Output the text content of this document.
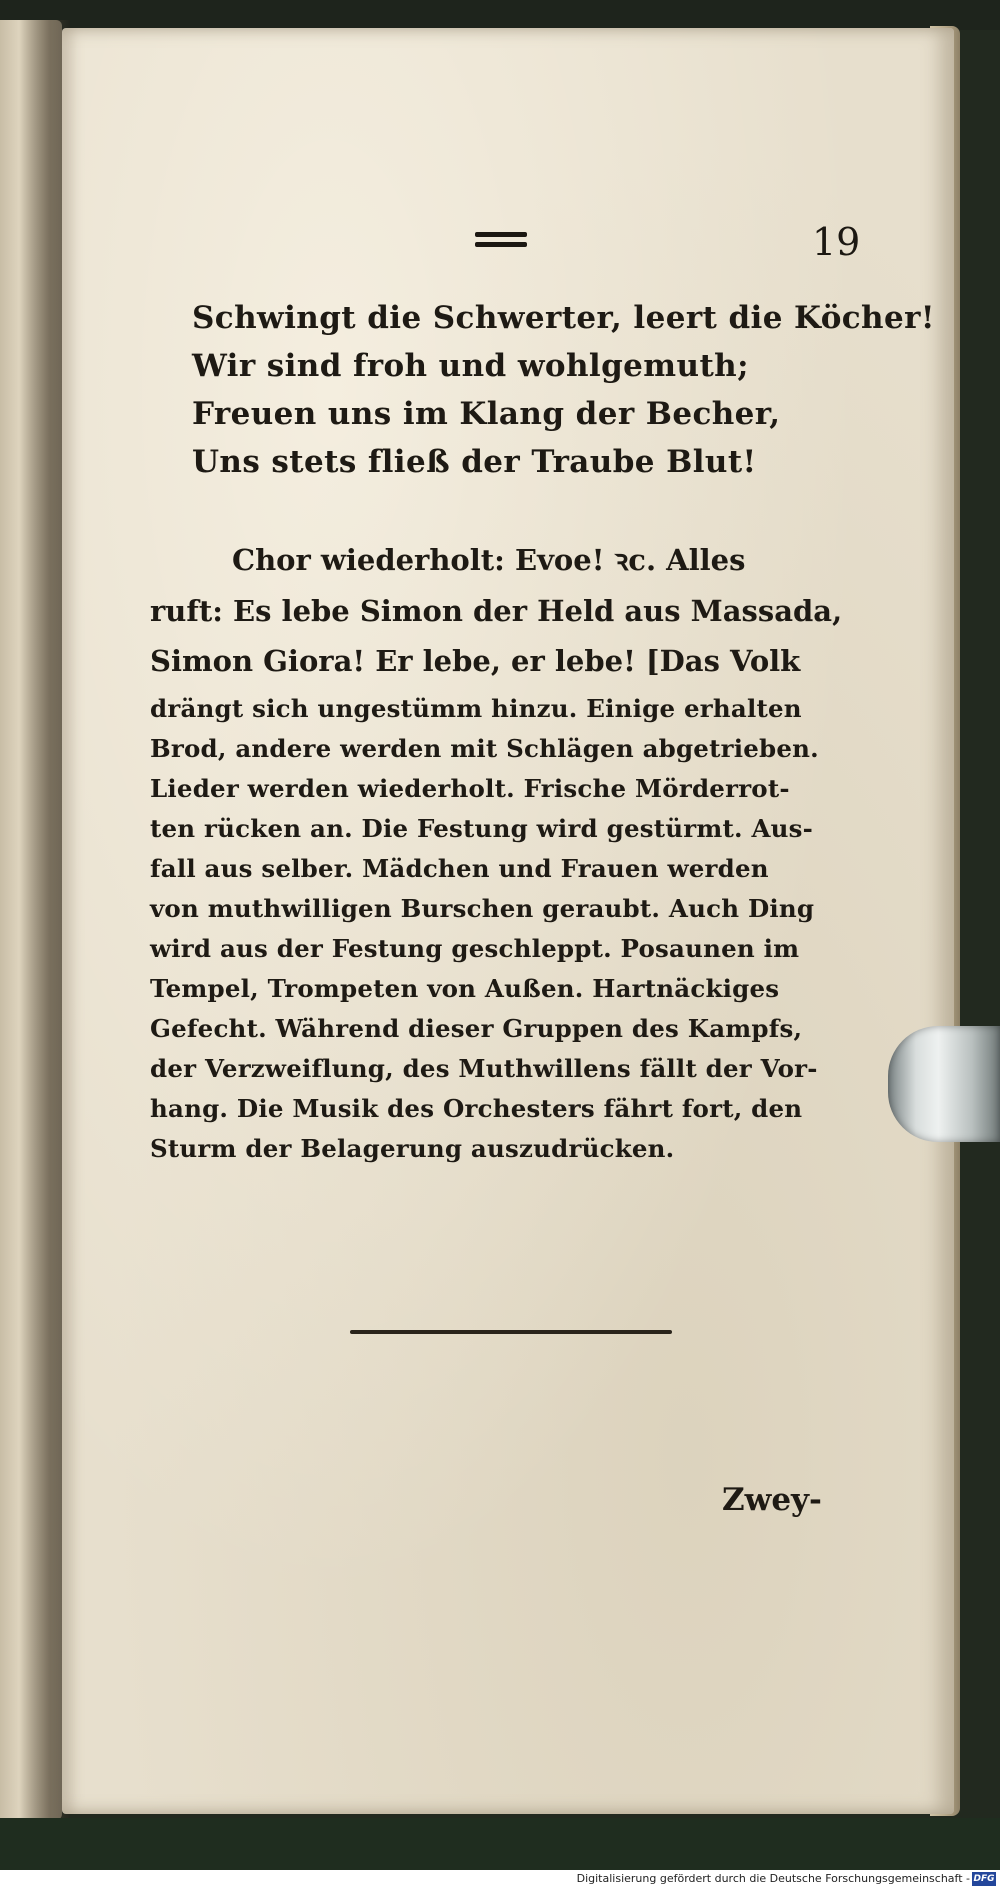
19
Schwingt die Schwerter, leert die Köcher!
Wir sind froh und wohlgemuth;
Freuen uns im Klang der Becher,
Uns stets fließ der Traube Blut!
Chor wiederholt: Evoe! ꝛc. Alles
ruft: Es lebe Simon der Held aus Massada,
Simon Giora! Er lebe, er lebe! [Das Volk
drängt sich ungestümm hinzu. Einige erhalten
Brod, andere werden mit Schlägen abgetrieben.
Lieder werden wiederholt. Frische Mörderrot-
ten rücken an. Die Festung wird gestürmt. Aus-
fall aus selber. Mädchen und Frauen werden
von muthwilligen Burschen geraubt. Auch Ding
wird aus der Festung geschleppt. Posaunen im
Tempel, Trompeten von Außen. Hartnäckiges
Gefecht. Während dieser Gruppen des Kampfs,
der Verzweiflung, des Muthwillens fällt der Vor-
hang. Die Musik des Orchesters fährt fort, den
Sturm der Belagerung auszudrücken.
Zwey-
Digitalisierung gefördert durch die Deutsche Forschungsgemeinschaft - DFG
